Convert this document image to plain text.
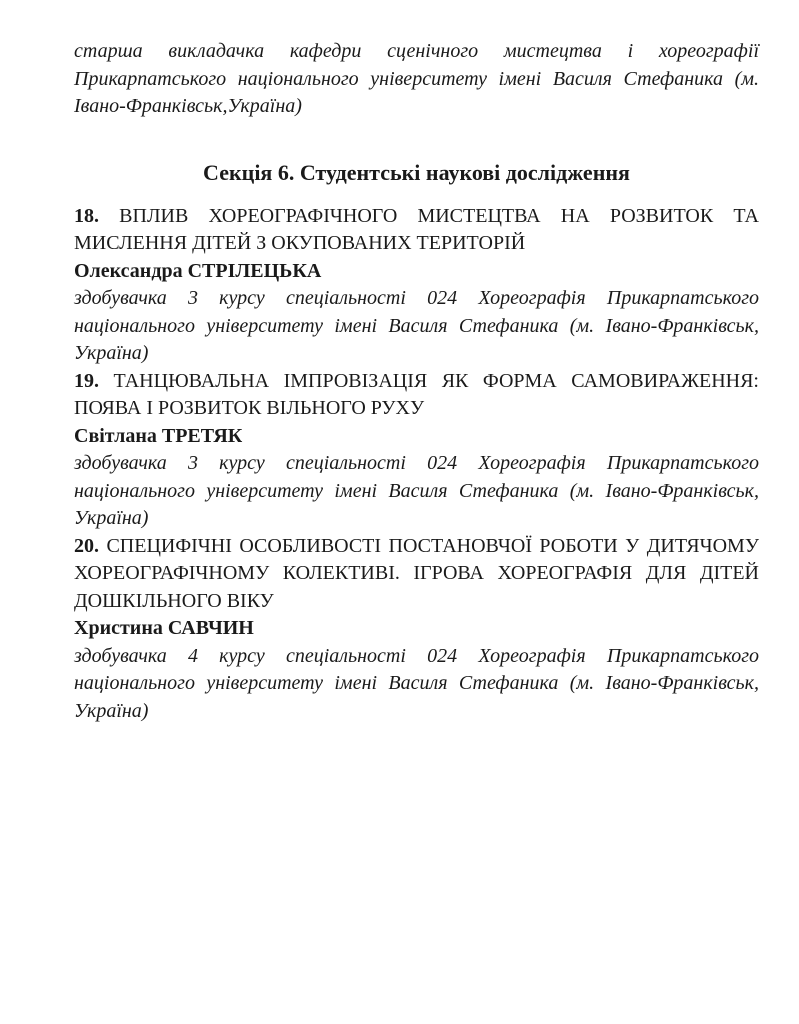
старша викладачка кафедри сценічного мистецтва і хореографії Прикарпатського національного університету імені Василя Стефаника (м. Івано-Франківськ,Україна)

Секція 6. Студентські наукові дослідження

18. ВПЛИВ ХОРЕОГРАФІЧНОГО МИСТЕЦТВА НА РОЗВИТОК ТА МИСЛЕННЯ ДІТЕЙ З ОКУПОВАНИХ ТЕРИТОРІЙ

Олександра СТРІЛЕЦЬКА

здобувачка 3 курсу спеціальності 024 Хореографія Прикарпатського національного університету імені Василя Стефаника (м. Івано-Франківськ, Україна)

19. ТАНЦЮВАЛЬНА ІМПРОВІЗАЦІЯ ЯК ФОРМА САМОВИРАЖЕННЯ: ПОЯВА І РОЗВИТОК ВІЛЬНОГО РУХУ

Світлана ТРЕТЯК

здобувачка 3 курсу спеціальності 024 Хореографія Прикарпатського національного університету імені Василя Стефаника (м. Івано-Франківськ, Україна)

20. СПЕЦИФІЧНІ ОСОБЛИВОСТІ ПОСТАНОВЧОЇ РОБОТИ У ДИТЯЧОМУ ХОРЕОГРАФІЧНОМУ КОЛЕКТИВІ. ІГРОВА ХОРЕОГРАФІЯ ДЛЯ ДІТЕЙ ДОШКІЛЬНОГО ВІКУ

Христина САВЧИН

здобувачка 4 курсу спеціальності 024 Хореографія Прикарпатського національного університету імені Василя Стефаника (м. Івано-Франківськ, Україна)
